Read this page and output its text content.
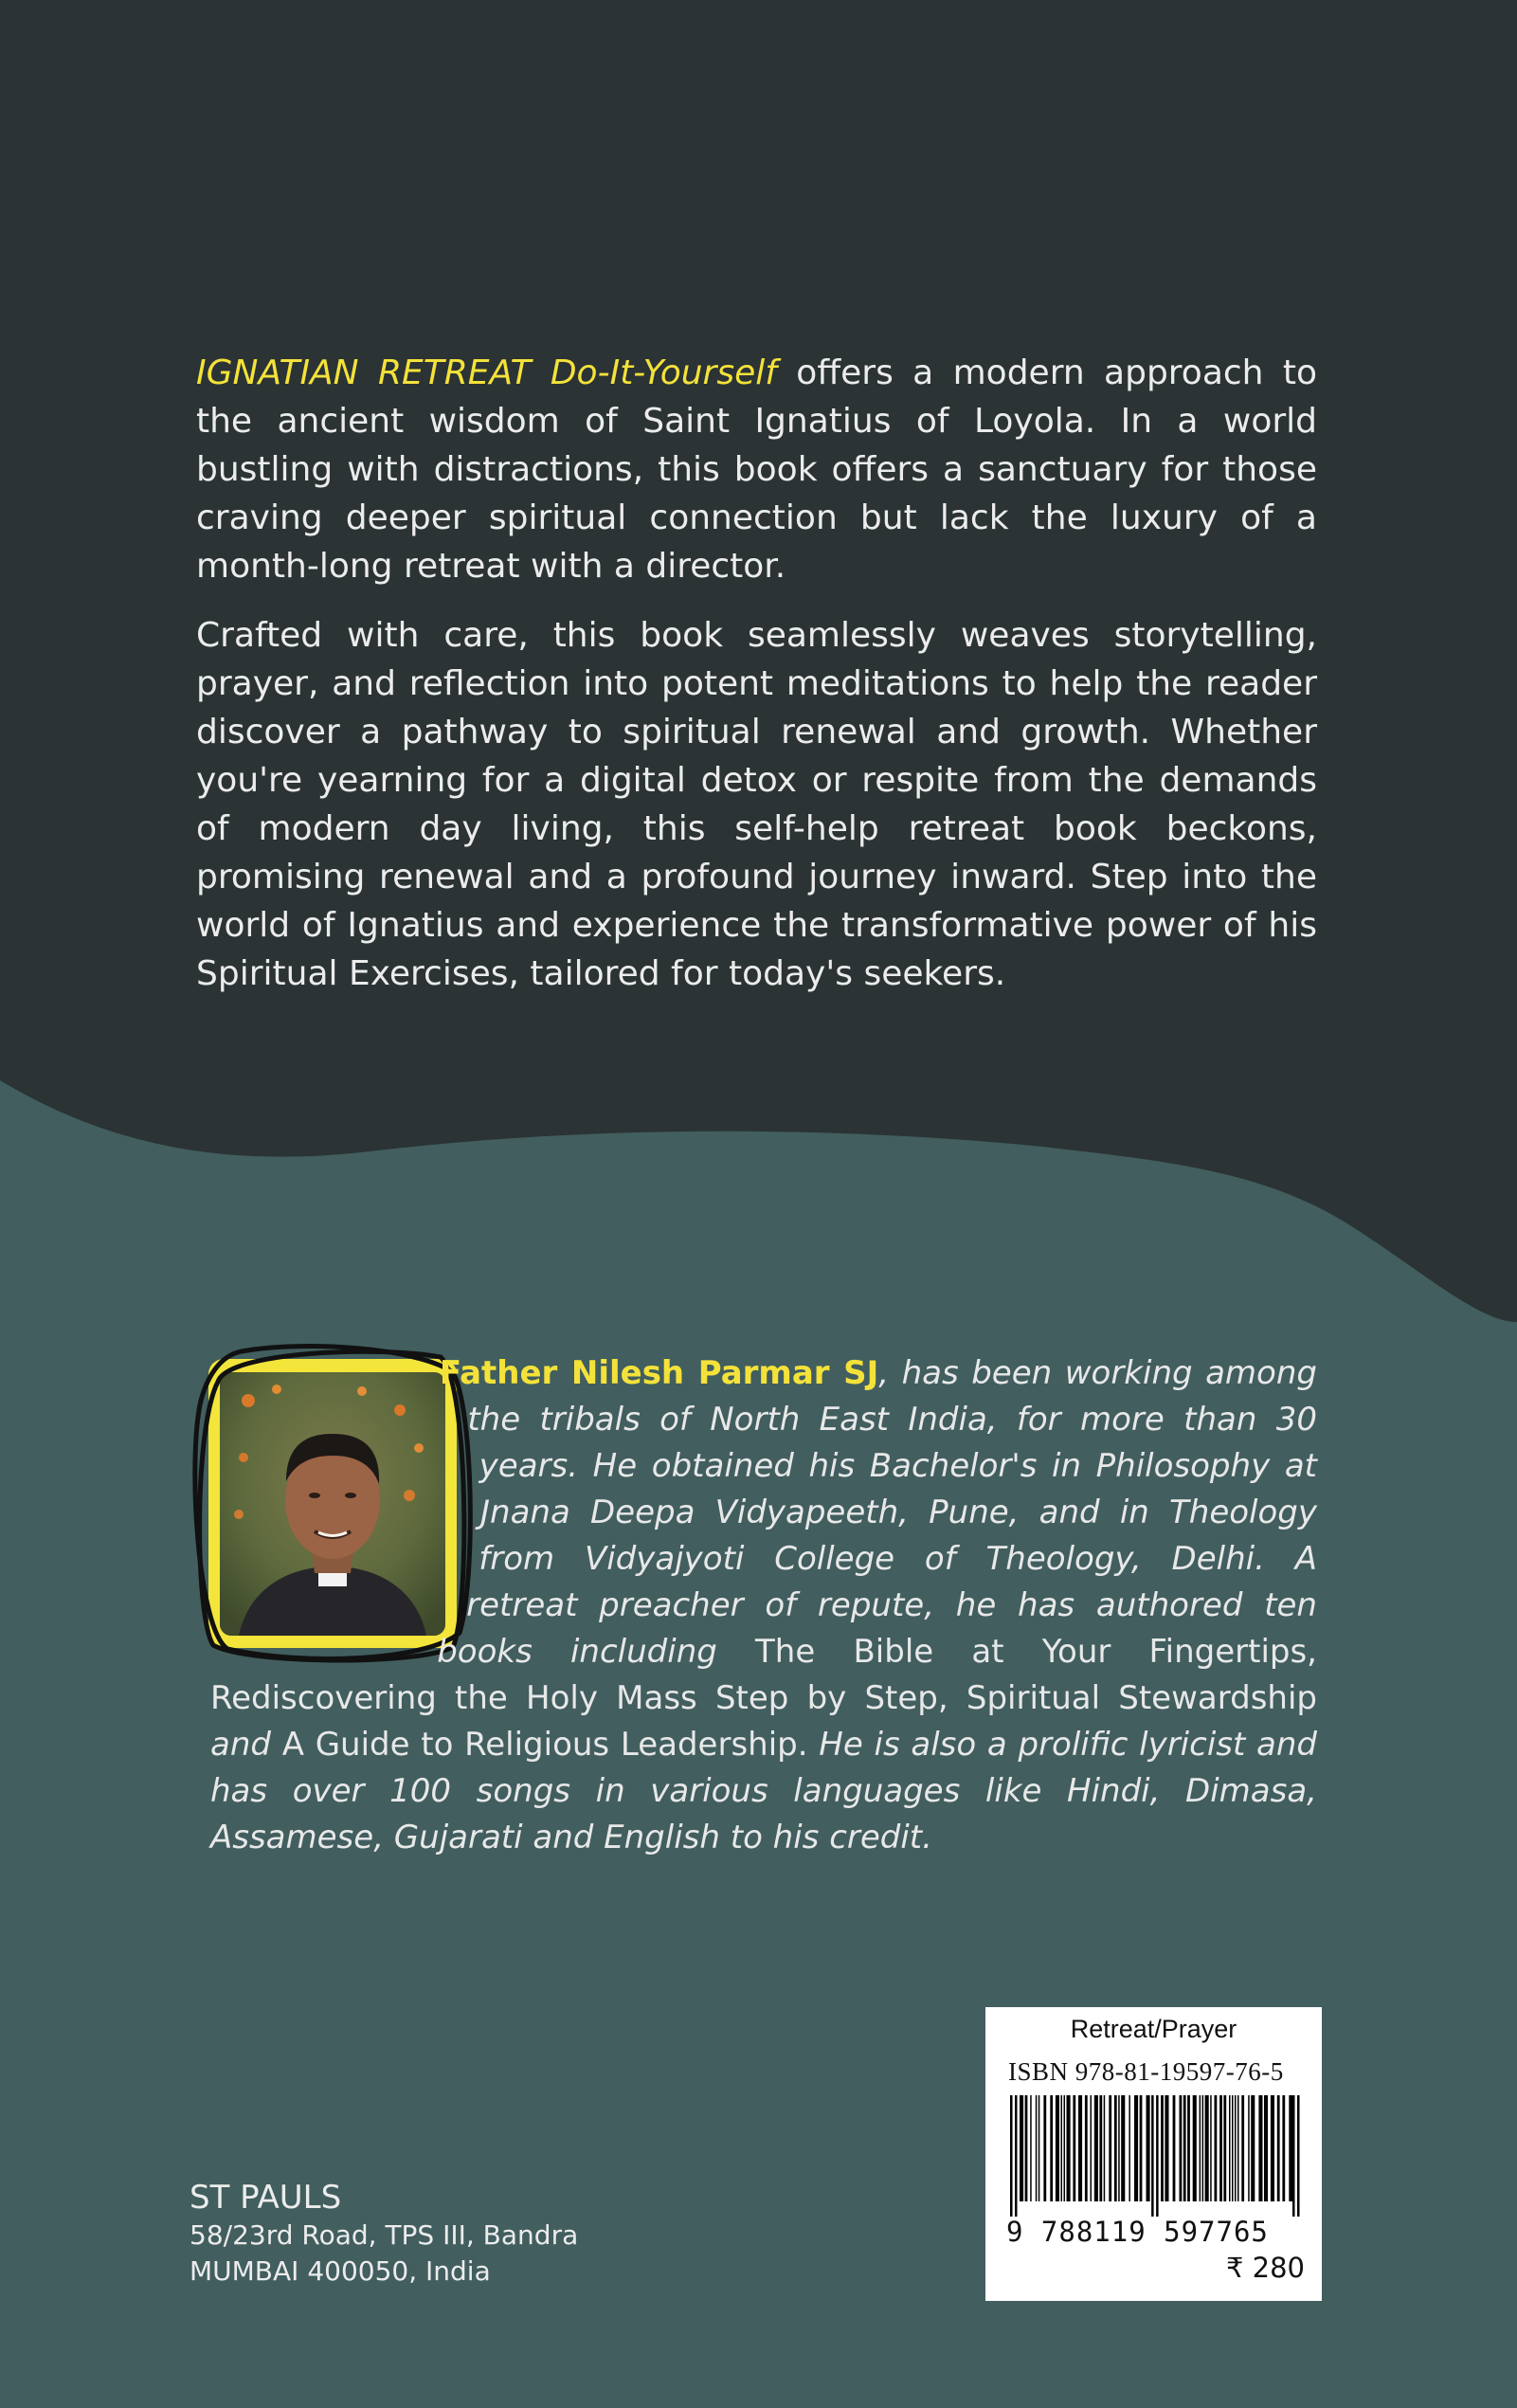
IGNATIAN RETREAT Do-It-Yourself offers a modern approach to the ancient wisdom of Saint Ignatius of Loyola. In a world bustling with distractions, this book offers a sanctuary for those craving deeper spiritual connection but lack the luxury of a month-long retreat with a director.

Crafted with care, this book seamlessly weaves storytelling, prayer, and reflection into potent meditations to help the reader discover a pathway to spiritual renewal and growth. Whether you're yearning for a digital detox or respite from the demands of modern day living, this self-help retreat book beckons, promising renewal and a profound journey inward. Step into the world of Ignatius and experience the transformative power of his Spiritual Exercises, tailored for today's seekers.

Father Nilesh Parmar SJ, has been working among the tribals of North East India, for more than 30 years. He obtained his Bachelor's in Philosophy at Jnana Deepa Vidyapeeth, Pune, and in Theology from Vidyajyoti College of Theology, Delhi. A retreat preacher of repute, he has authored ten books including The Bible at Your Fingertips, Rediscovering the Holy Mass Step by Step, Spiritual Stewardship and A Guide to Religious Leadership. He is also a prolific lyricist and has over 100 songs in various languages like Hindi, Dimasa, Assamese, Gujarati and English to his credit.
ST PAULS
58/23rd Road, TPS III, Bandra
MUMBAI 400050, India
Retreat/Prayer
ISBN 978-81-19597-76-5
9 788119 597765
₹ 280
